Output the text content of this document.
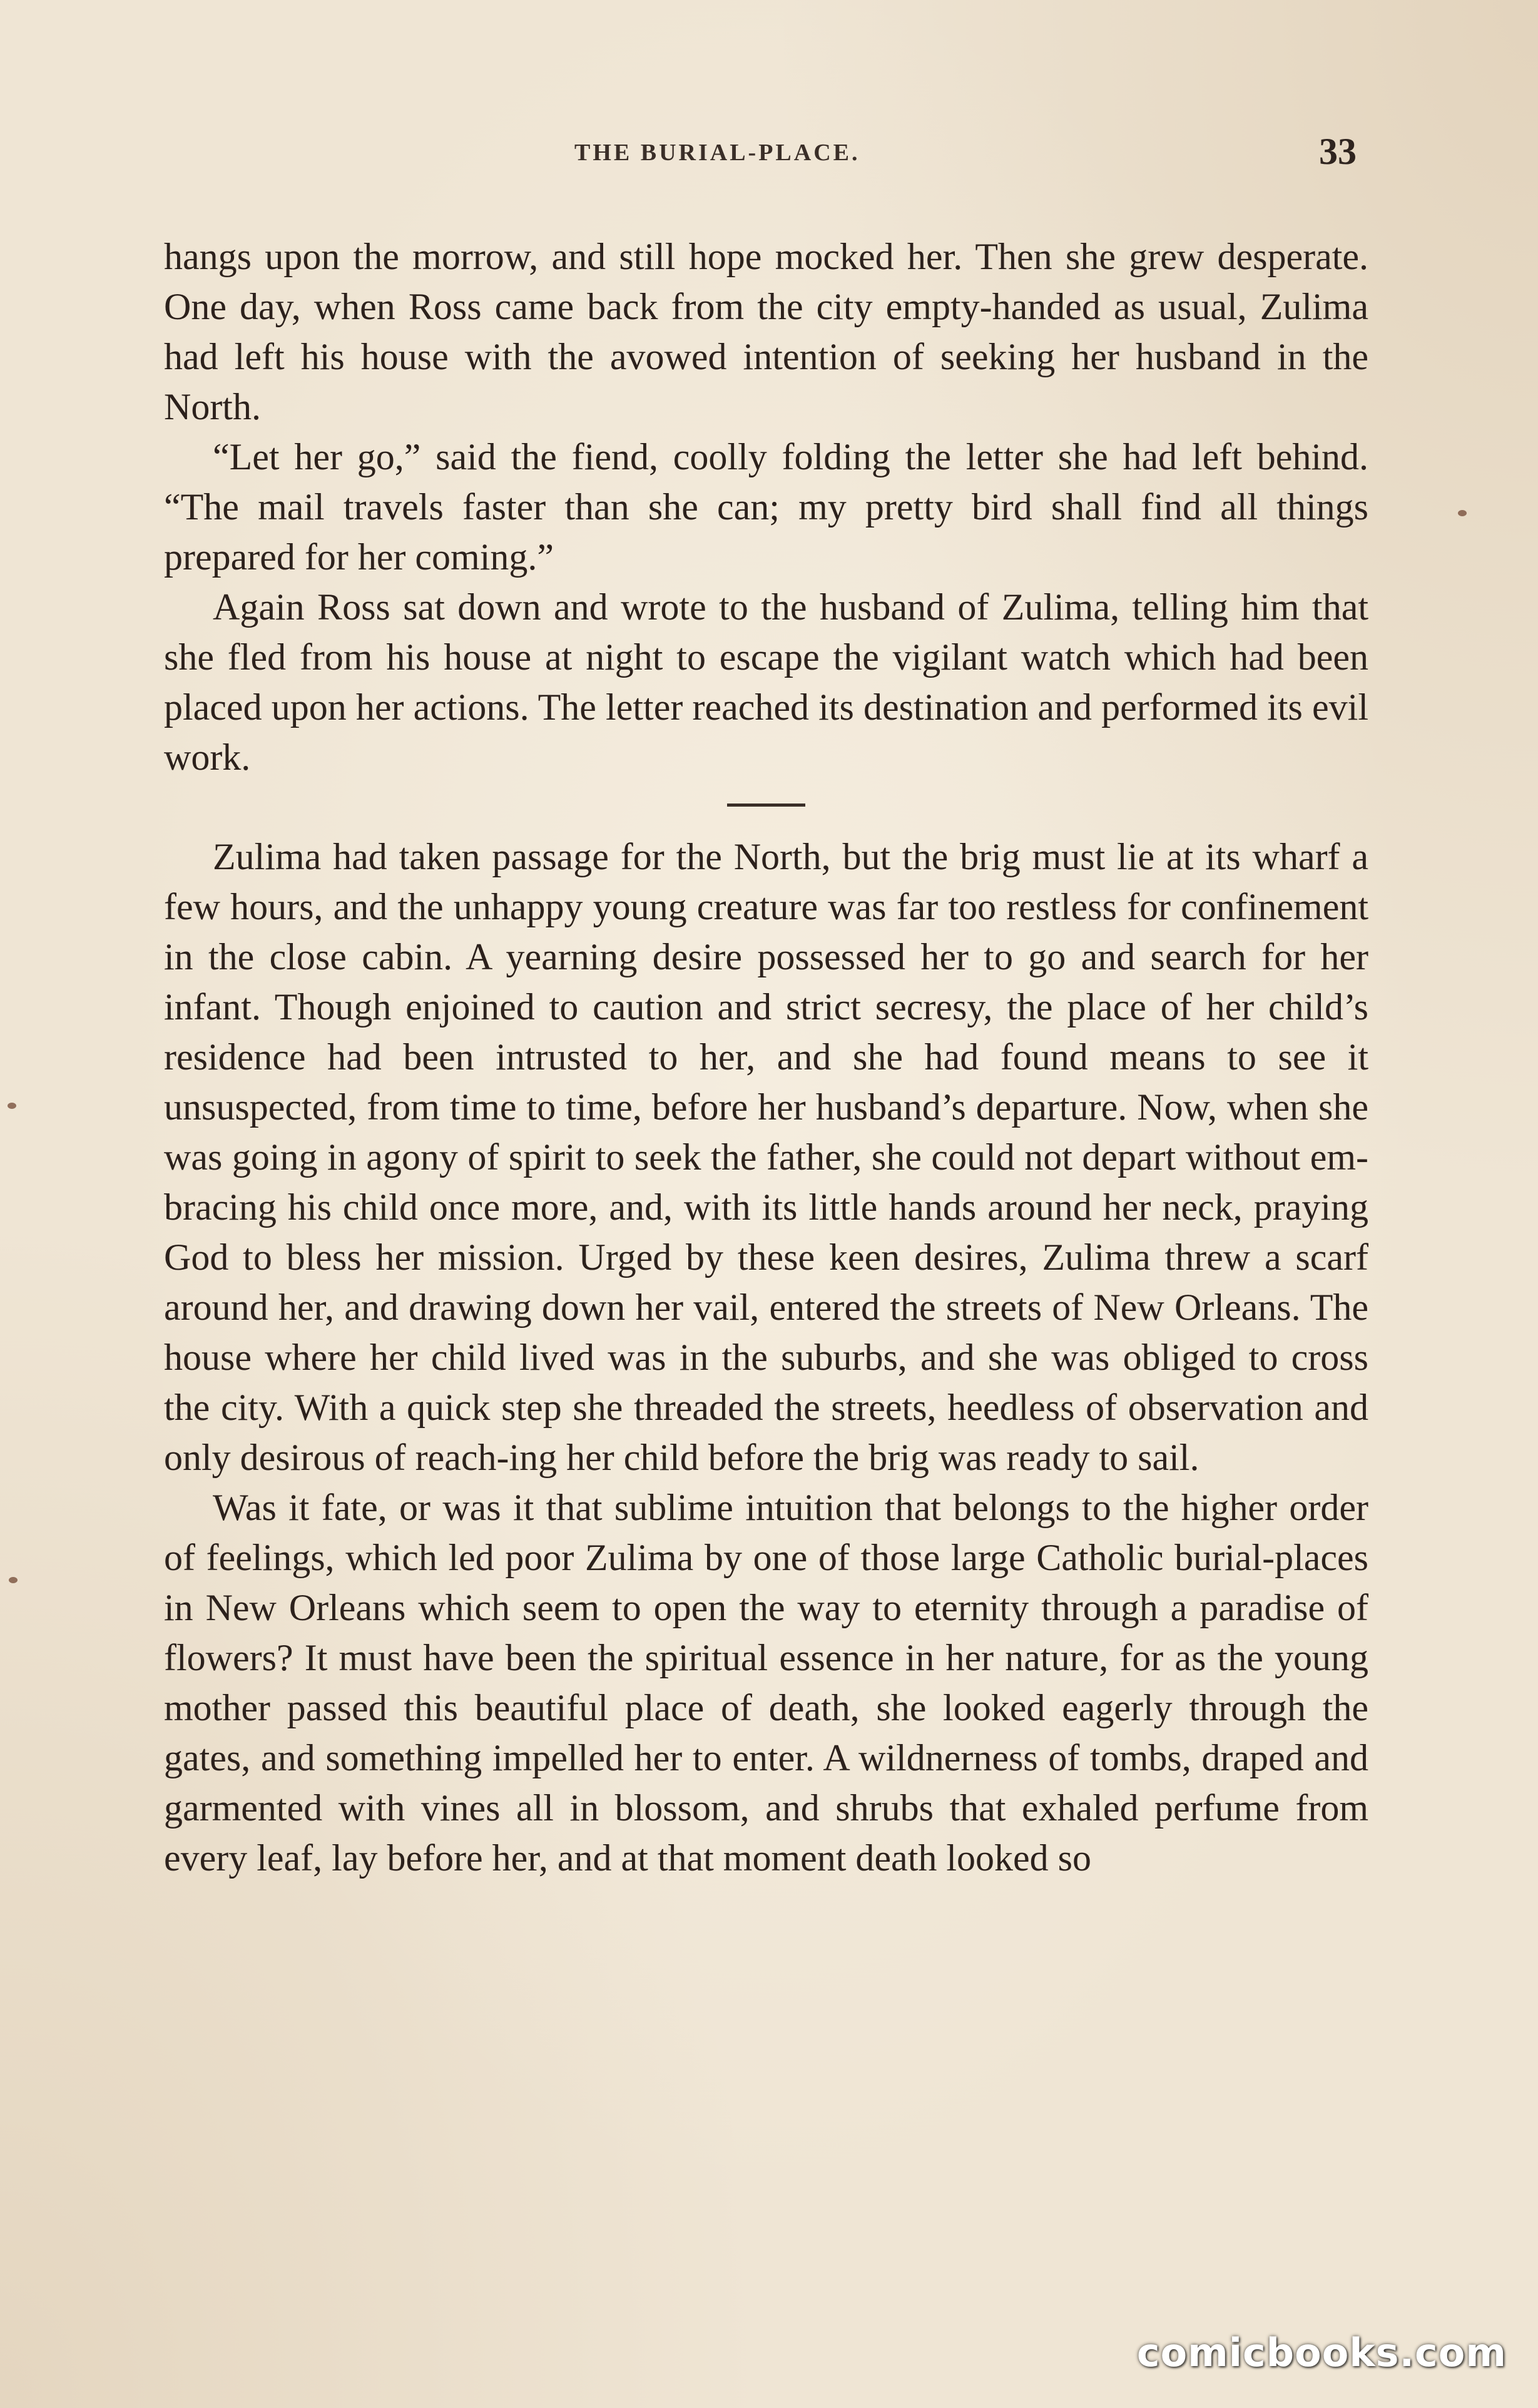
THE BURIAL-PLACE.	33

hangs upon the morrow, and still hope mocked her. Then she grew desperate. One day, when Ross came back from the city empty-handed as usual, Zulima had left his house with the avowed intention of seeking her husband in the North.

“Let her go,” said the fiend, coolly folding the letter she had left behind. “The mail travels faster than she can; my pretty bird shall find all things prepared for her coming.”

Again Ross sat down and wrote to the husband of Zulima, telling him that she fled from his house at night to escape the vigilant watch which had been placed upon her actions. The letter reached its destination and performed its evil work.

Zulima had taken passage for the North, but the brig must lie at its wharf a few hours, and the unhappy young creature was far too restless for confinement in the close cabin. A yearning desire possessed her to go and search for her infant. Though enjoined to caution and strict secresy, the place of her child’s residence had been intrusted to her, and she had found means to see it unsuspected, from time to time, before her husband’s departure. Now, when she was going in agony of spirit to seek the father, she could not depart without em-bracing his child once more, and, with its little hands around her neck, praying God to bless her mission. Urged by these keen desires, Zulima threw a scarf around her, and drawing down her vail, entered the streets of New Orleans. The house where her child lived was in the suburbs, and she was obliged to cross the city. With a quick step she threaded the streets, heedless of observation and only desirous of reach-ing her child before the brig was ready to sail.

Was it fate, or was it that sublime intuition that belongs to the higher order of feelings, which led poor Zulima by one of those large Catholic burial-places in New Orleans which seem to open the way to eternity through a paradise of flowers? It must have been the spiritual essence in her nature, for as the young mother passed this beautiful place of death, she looked eagerly through the gates, and something impelled her to enter. A wildnerness of tombs, draped and garmented with vines all in blossom, and shrubs that exhaled perfume from every leaf, lay before her, and at that moment death looked so

comicbooks.com
